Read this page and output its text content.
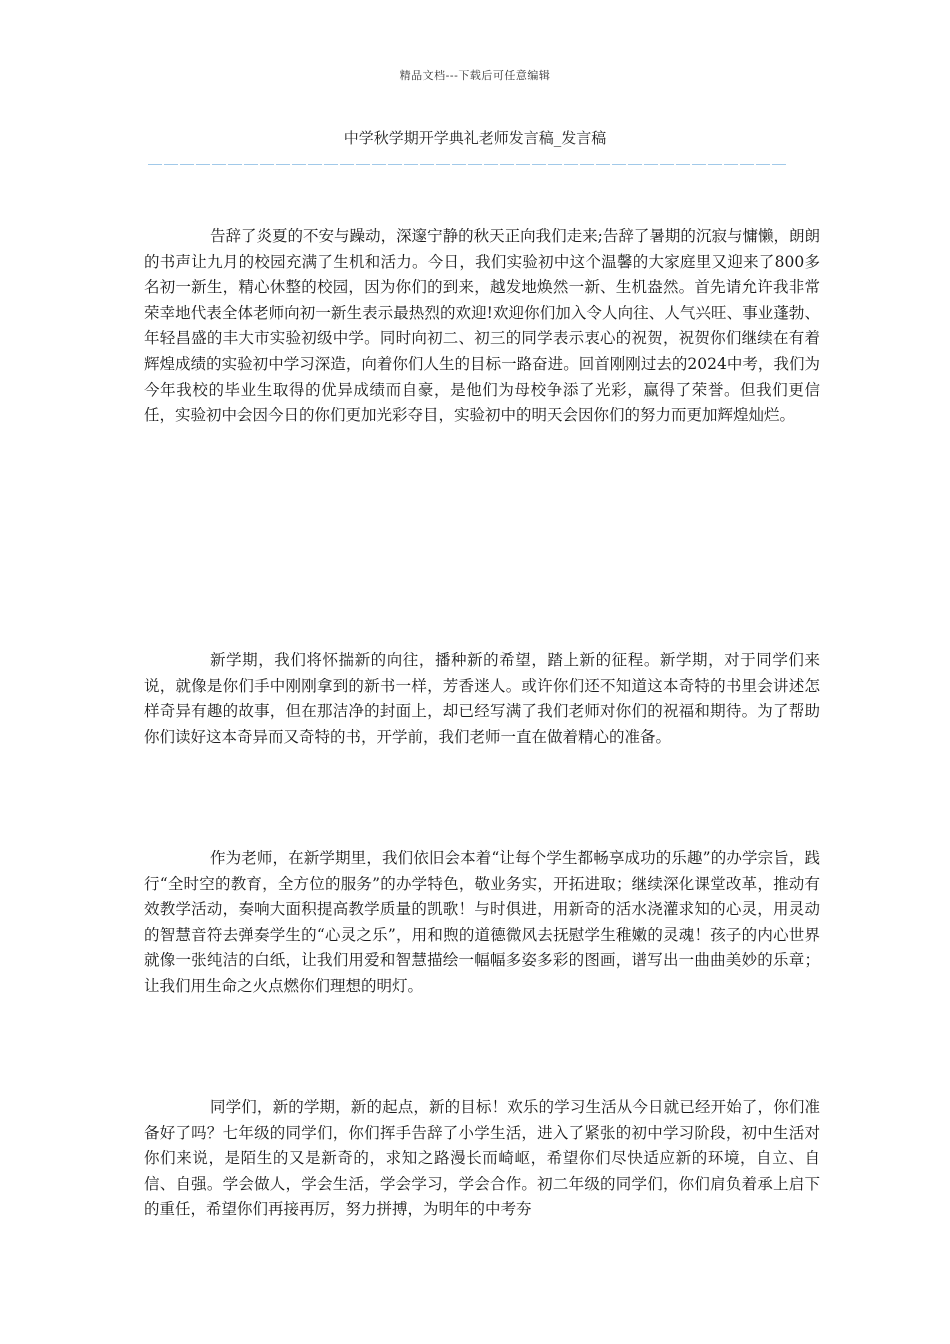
精品文档---下载后可任意编辑
中学秋学期开学典礼老师发言稿_发言稿
＿＿＿＿＿＿＿＿＿＿＿＿＿＿＿＿＿＿＿＿＿＿＿＿＿＿＿＿＿＿＿＿＿＿＿＿＿＿＿＿

告辞了炎夏的不安与躁动，深邃宁静的秋天正向我们走来;告辞了暑期的沉寂与慵懒，朗朗的书声让九月的校园充满了生机和活力。今日，我们实验初中这个温馨的大家庭里又迎来了800多名初一新生，精心休整的校园，因为你们的到来，越发地焕然一新、生机盎然。首先请允许我非常荣幸地代表全体老师向初一新生表示最热烈的欢迎!欢迎你们加入令人向往、人气兴旺、事业蓬勃、年轻昌盛的丰大市实验初级中学。同时向初二、初三的同学表示衷心的祝贺，祝贺你们继续在有着辉煌成绩的实验初中学习深造，向着你们人生的目标一路奋进。回首刚刚过去的2024中考，我们为今年我校的毕业生取得的优异成绩而自豪，是他们为母校争添了光彩，赢得了荣誉。但我们更信任，实验初中会因今日的你们更加光彩夺目，实验初中的明天会因你们的努力而更加辉煌灿烂。

新学期，我们将怀揣新的向往，播种新的希望，踏上新的征程。新学期，对于同学们来说，就像是你们手中刚刚拿到的新书一样，芳香迷人。或许你们还不知道这本奇特的书里会讲述怎样奇异有趣的故事，但在那洁净的封面上，却已经写满了我们老师对你们的祝福和期待。为了帮助你们读好这本奇异而又奇特的书，开学前，我们老师一直在做着精心的准备。

作为老师，在新学期里，我们依旧会本着“让每个学生都畅享成功的乐趣”的办学宗旨，践行“全时空的教育，全方位的服务”的办学特色，敬业务实，开拓进取；继续深化课堂改革，推动有效教学活动，奏响大面积提高教学质量的凯歌！与时俱进，用新奇的活水浇灌求知的心灵，用灵动的智慧音符去弹奏学生的“心灵之乐”，用和煦的道德微风去抚慰学生稚嫩的灵魂！孩子的内心世界就像一张纯洁的白纸，让我们用爱和智慧描绘一幅幅多姿多彩的图画，谱写出一曲曲美妙的乐章；让我们用生命之火点燃你们理想的明灯。

同学们，新的学期，新的起点，新的目标！欢乐的学习生活从今日就已经开始了，你们准备好了吗？七年级的同学们，你们挥手告辞了小学生活，进入了紧张的初中学习阶段，初中生活对你们来说，是陌生的又是新奇的，求知之路漫长而崎岖，希望你们尽快适应新的环境，自立、自信、自强。学会做人，学会生活，学会学习，学会合作。初二年级的同学们，你们肩负着承上启下的重任，希望你们再接再厉，努力拼搏，为明年的中考夯
